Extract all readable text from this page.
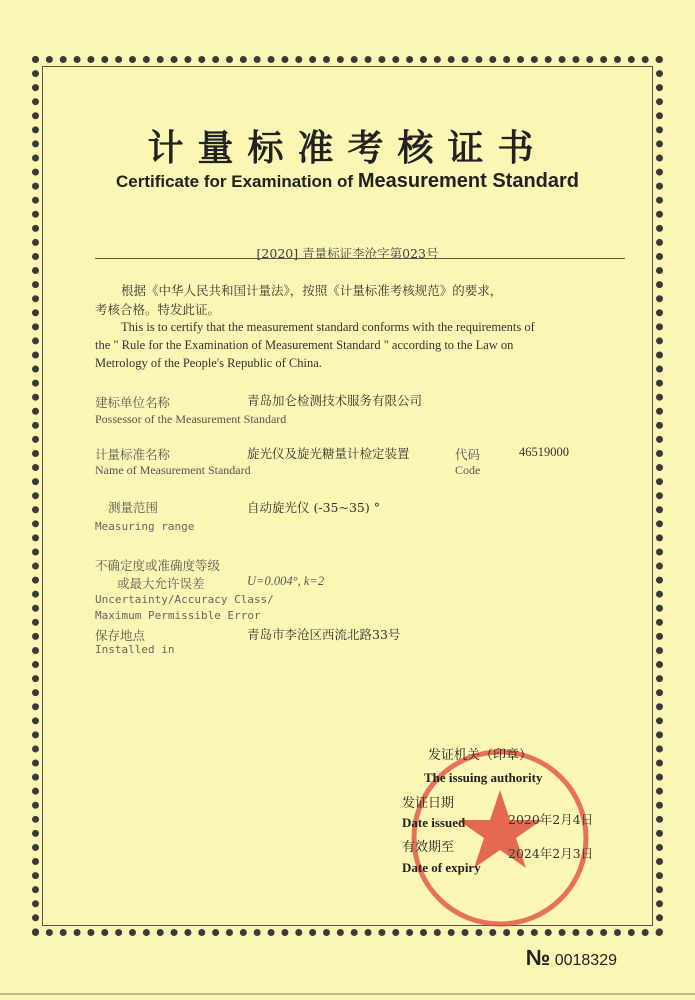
计量标准考核证书
Certificate for Examination of Measurement Standard
[2020] 青量标证李沧字第023号
根据《中华人民共和国计量法》，按照《计量标准考核规范》的要求，
考核合格。特发此证。
This is to certify that the measurement standard conforms with the requirements of
the " Rule for the Examination of Measurement Standard " according to the Law on
Metrology of the People's Republic of China.
建标单位名称	青岛加仑检测技术服务有限公司
Possessor of the Measurement Standard
计量标准名称	旋光仪及旋光糖量计检定装置	代码	46519000
Name of Measurement Standard	Code
测量范围	自动旋光仪 (-35~35) °
Measuring range
不确定度或准确度等级
或最大允许误差	U=0.004°, k=2
Uncertainty/Accuracy Class/
Maximum Permissible Error
保存地点	青岛市李沧区西流北路33号
Installed in
发证机关（印章）
The issuing authority
发证日期
Date issued	2020年2月4日
有效期至	2024年2月3日
Date of expiry
№ 0018329
